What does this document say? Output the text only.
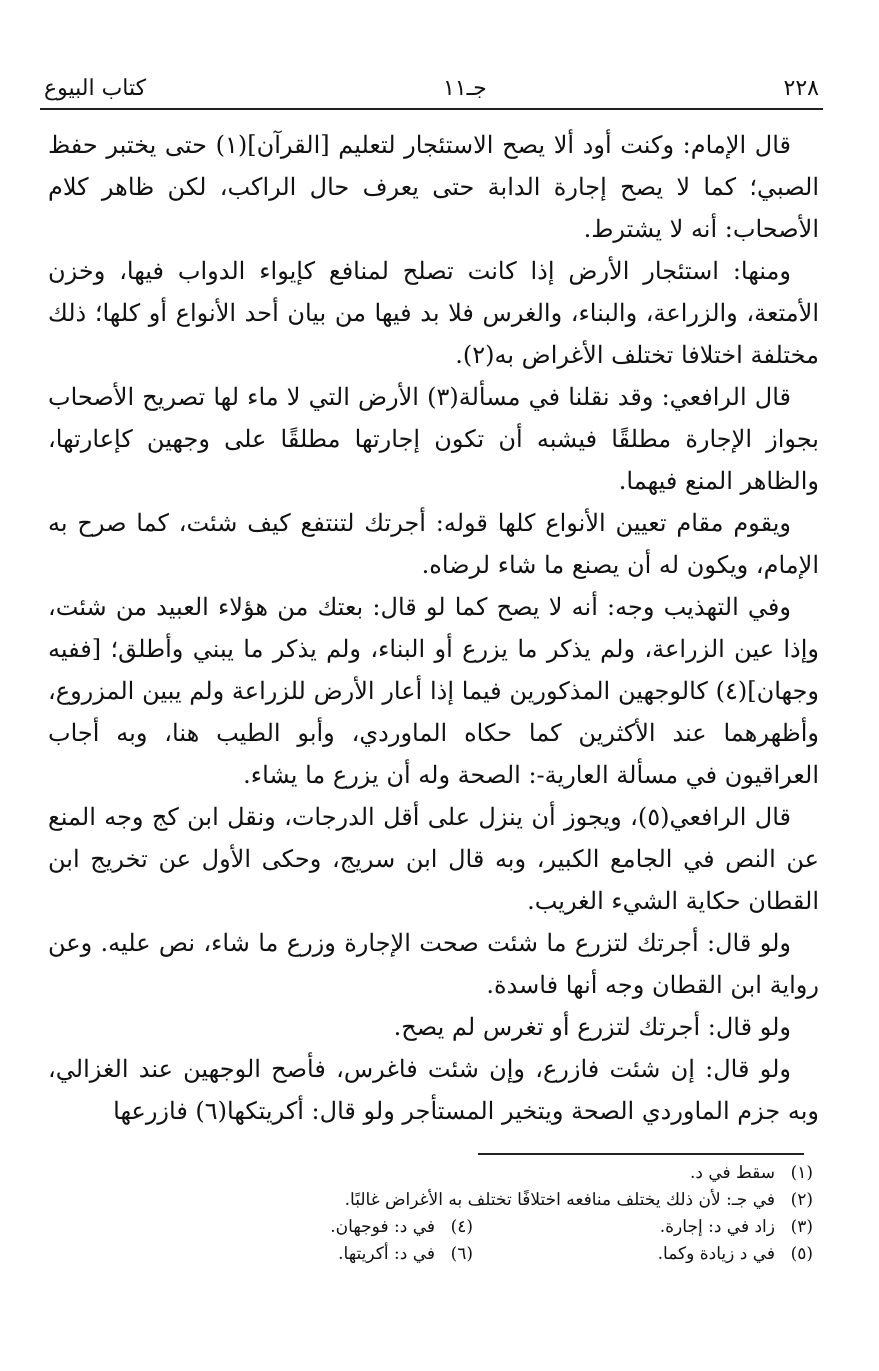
كتاب البيوع	جـ١١	٢٢٨

قال الإمام: وكنت أود ألا يصح الاستئجار لتعليم [القرآن](١) حتى يختبر حفظ الصبي؛ كما لا يصح إجارة الدابة حتى يعرف حال الراكب، لكن ظاهر كلام الأصحاب: أنه لا يشترط.

ومنها: استئجار الأرض إذا كانت تصلح لمنافع كإيواء الدواب فيها، وخزن الأمتعة، والزراعة، والبناء، والغرس فلا بد فيها من بيان أحد الأنواع أو كلها؛ ذلك مختلفة اختلافا تختلف الأغراض به(٢).

قال الرافعي: وقد نقلنا في مسألة(٣) الأرض التي لا ماء لها تصريح الأصحاب بجواز الإجارة مطلقًا فيشبه أن تكون إجارتها مطلقًا على وجهين كإعارتها، والظاهر المنع فيهما.

ويقوم مقام تعيين الأنواع كلها قوله: أجرتك لتنتفع كيف شئت، كما صرح به الإمام، ويكون له أن يصنع ما شاء لرضاه.

وفي التهذيب وجه: أنه لا يصح كما لو قال: بعتك من هؤلاء العبيد من شئت، وإذا عين الزراعة، ولم يذكر ما يزرع أو البناء، ولم يذكر ما يبني وأطلق؛ [ففيه وجهان](٤) كالوجهين المذكورين فيما إذا أعار الأرض للزراعة ولم يبين المزروع، وأظهرهما عند الأكثرين كما حكاه الماوردي، وأبو الطيب هنا، وبه أجاب العراقيون في مسألة العارية-: الصحة وله أن يزرع ما يشاء.

قال الرافعي(٥)، ويجوز أن ينزل على أقل الدرجات، ونقل ابن كج وجه المنع عن النص في الجامع الكبير، وبه قال ابن سريج، وحكى الأول عن تخريج ابن القطان حكاية الشيء الغريب.

ولو قال: أجرتك لتزرع ما شئت صحت الإجارة وزرع ما شاء، نص عليه. وعن رواية ابن القطان وجه أنها فاسدة.

ولو قال: أجرتك لتزرع أو تغرس لم يصح.

ولو قال: إن شئت فازرع، وإن شئت فاغرس، فأصح الوجهين عند الغزالي، وبه جزم الماوردي الصحة ويتخير المستأجر ولو قال: أكريتكها(٦) فازرعها

(١)
سقط في د.
(٢)
في جـ: لأن ذلك يختلف منافعه اختلافًا تختلف به الأغراض غالبًا.
(٣)
زاد في د: إجارة.
(٤)
في د: فوجهان.
(٥)
في د زيادة وكما.
(٦)
في د: أكريتها.
